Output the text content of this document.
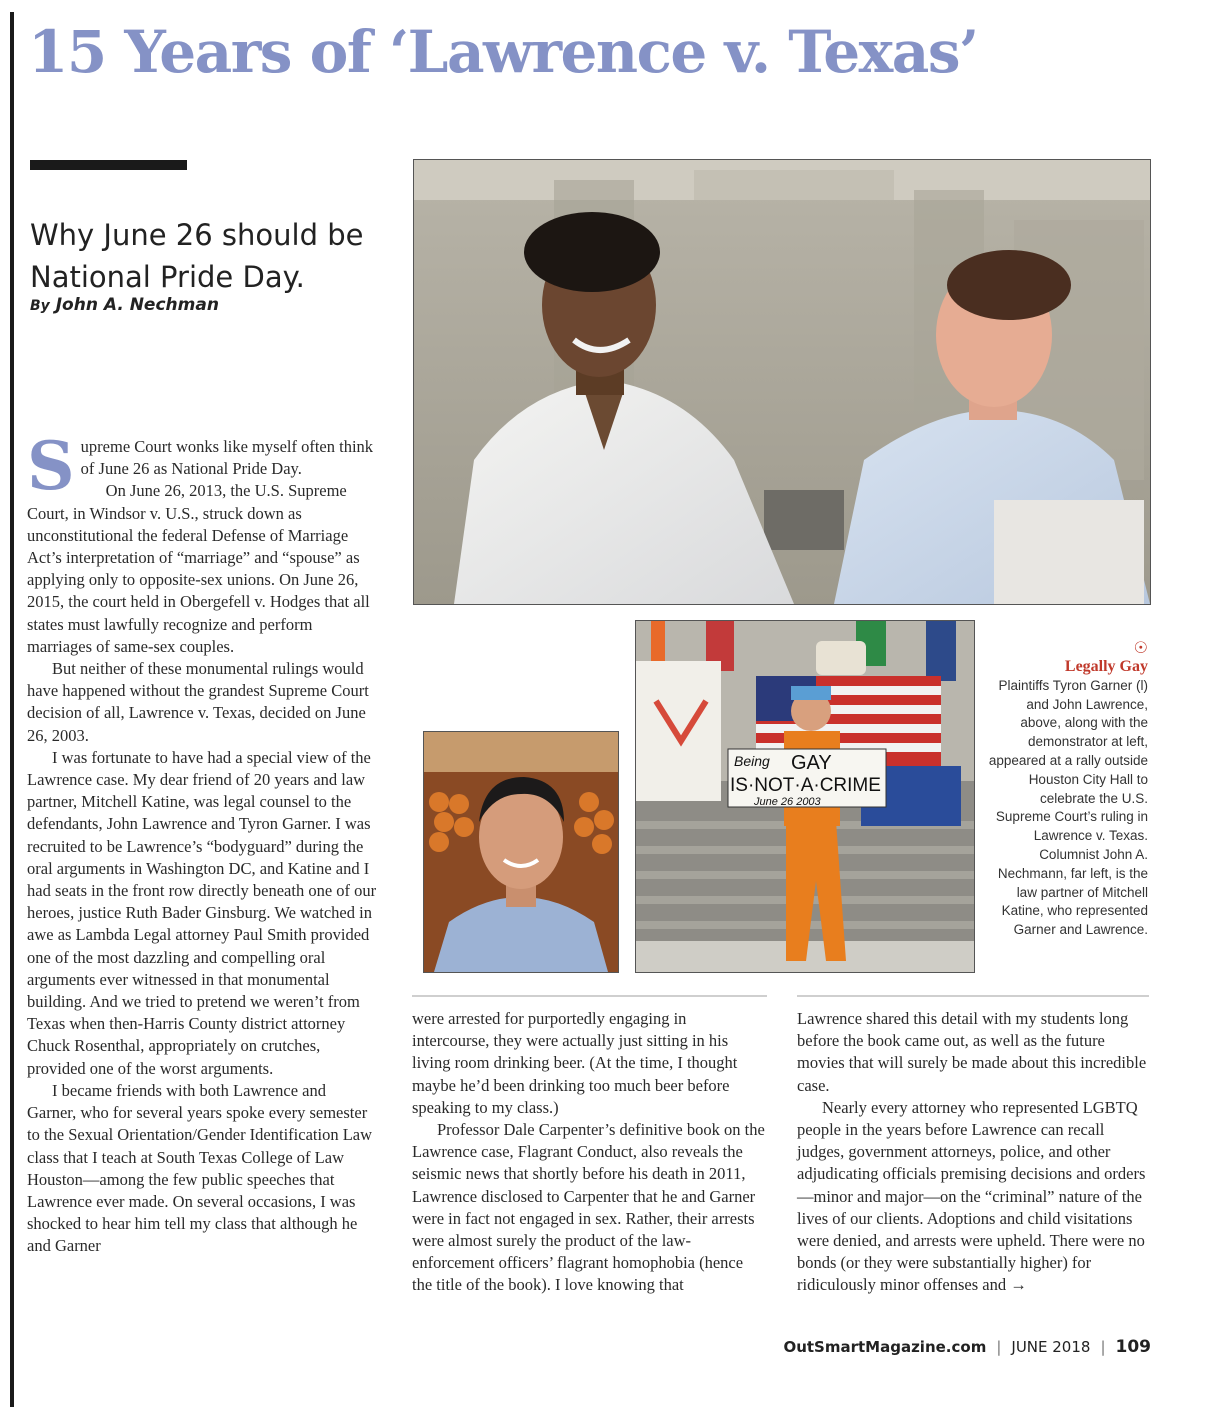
15 Years of ‘Lawrence v. Texas’
Why June 26 should be National Pride Day.
By John A. Nechman
Being GAY
IS·NOT·A·CRIME
June 26 2003
☉
Legally Gay
Plaintiffs Tyron Garner (l) and John Lawrence, above, along with the demonstrator at left, appeared at a rally outside Houston City Hall to celebrate the U.S. Supreme Court’s ruling in Lawrence v. Texas. Columnist John A. Nechmann, far left, is the law partner of Mitchell Katine, who represented Garner and Lawrence.

Supreme Court wonks like myself often think of June 26 as National Pride Day.

On June 26, 2013, the U.S. Supreme Court, in Windsor v. U.S., struck down as unconstitutional the federal Defense of Marriage Act’s interpretation of “marriage” and “spouse” as applying only to opposite-sex unions. On June 26, 2015, the court held in Obergefell v. Hodges that all states must lawfully recognize and perform marriages of same-sex couples.

But neither of these monumental rulings would have happened without the grandest Supreme Court decision of all, Lawrence v. Texas, decided on June 26, 2003.

I was fortunate to have had a special view of the Lawrence case. My dear friend of 20 years and law partner, Mitchell Katine, was legal counsel to the defendants, John Lawrence and Tyron Garner. I was recruited to be Lawrence’s “bodyguard” during the oral arguments in Washington DC, and Katine and I had seats in the front row directly beneath one of our heroes, justice Ruth Bader Ginsburg. We watched in awe as Lambda Legal attorney Paul Smith provided one of the most dazzling and compelling oral arguments ever witnessed in that monumental building. And we tried to pretend we weren’t from Texas when then-Harris County district attorney Chuck Rosenthal, appropriately on crutches, provided one of the worst arguments.

I became friends with both Lawrence and Garner, who for several years spoke every semester to the Sexual Orientation/Gender Identification Law class that I teach at South Texas College of Law Houston—among the few public speeches that Lawrence ever made. On several occasions, I was shocked to hear him tell my class that although he and Garner

were arrested for purportedly engaging in intercourse, they were actually just sitting in his living room drinking beer. (At the time, I thought maybe he’d been drinking too much beer before speaking to my class.)

Professor Dale Carpenter’s definitive book on the Lawrence case, Flagrant Conduct, also reveals the seismic news that shortly before his death in 2011, Lawrence disclosed to Carpenter that he and Garner were in fact not engaged in sex. Rather, their arrests were almost surely the product of the law-enforcement officers’ flagrant homophobia (hence the title of the book). I love knowing that

Lawrence shared this detail with my students long before the book came out, as well as the future movies that will surely be made about this incredible case.

Nearly every attorney who represented LGBTQ people in the years before Lawrence can recall judges, government attorneys, police, and other adjudicating officials premising decisions and orders—minor and major—on the “criminal” nature of the lives of our clients. Adoptions and child visitations were denied, and arrests were upheld. There were no bonds (or they were substantially higher) for ridiculously minor offenses and →

OutSmartMagazine.com | JUNE 2018 | 109
